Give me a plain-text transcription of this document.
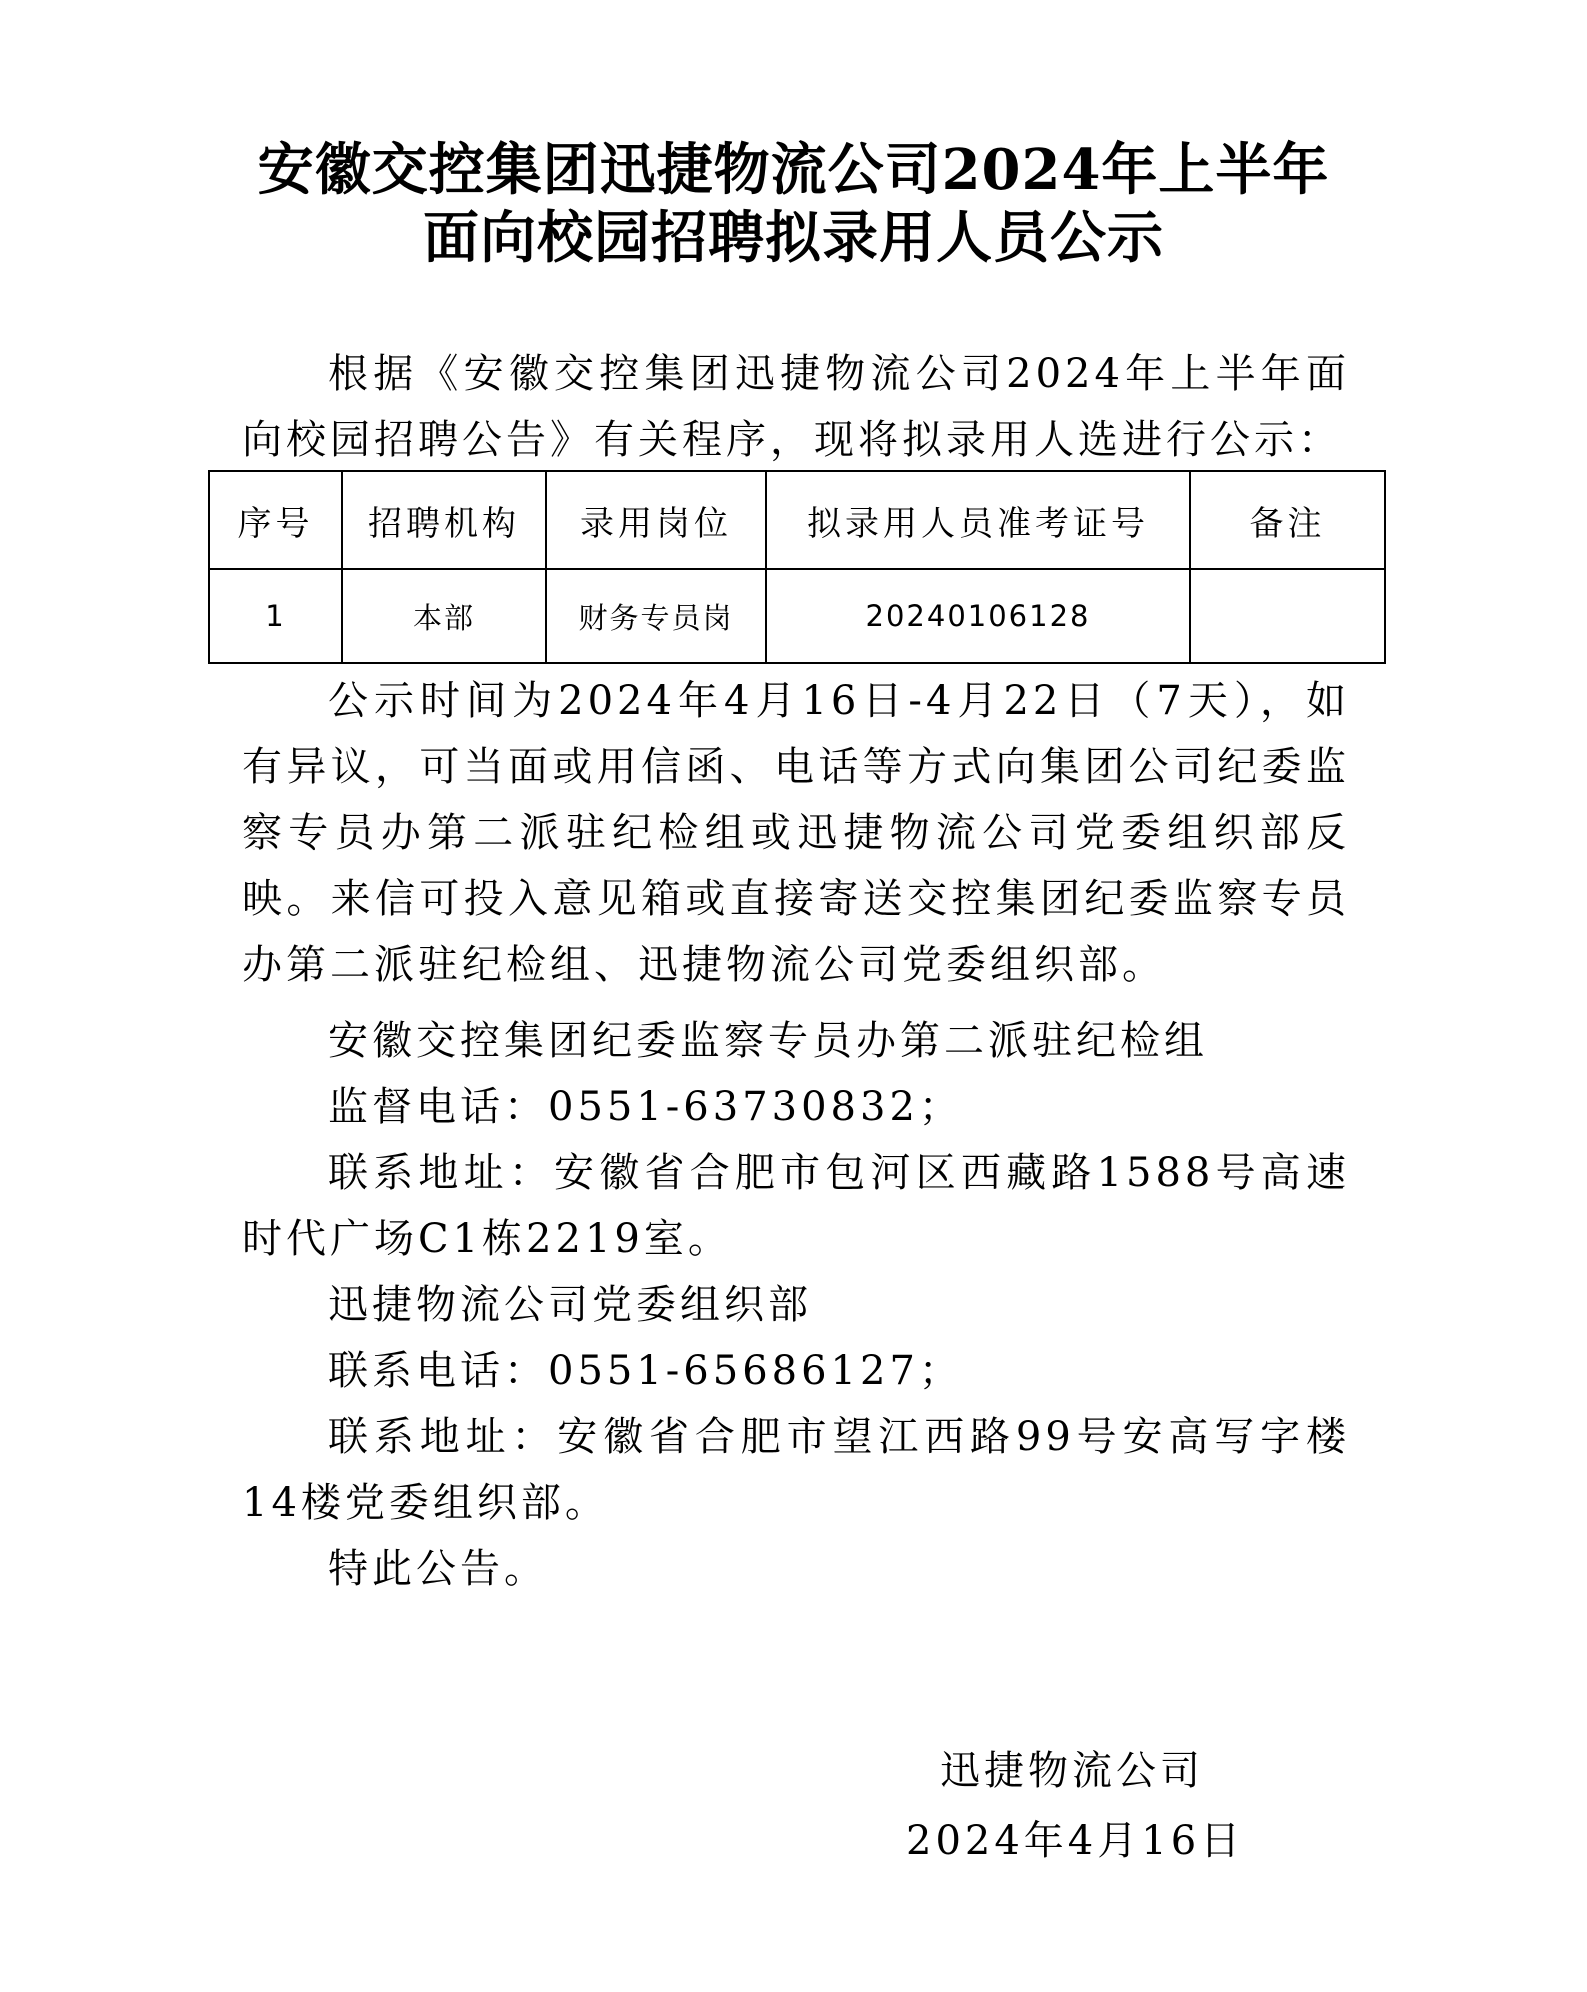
安徽交控集团迅捷物流公司2024年上半年
面向校园招聘拟录用人员公示

根据《安徽交控集团迅捷物流公司2024年上半年面向校园招聘公告》有关程序，现将拟录用人选进行公示：

序号	招聘机构	录用岗位	拟录用人员准考证号	备注
1	本部	财务专员岗	20240106128	

公示时间为2024年4月16日-4月22日（7天），如有异议，可当面或用信函、电话等方式向集团公司纪委监察专员办第二派驻纪检组或迅捷物流公司党委组织部反映。来信可投入意见箱或直接寄送交控集团纪委监察专员办第二派驻纪检组、迅捷物流公司党委组织部。

安徽交控集团纪委监察专员办第二派驻纪检组
监督电话：0551-63730832；

联系地址：安徽省合肥市包河区西藏路1588号高速时代广场C1栋2219室。

迅捷物流公司党委组织部
联系电话：0551-65686127；

联系地址：安徽省合肥市望江西路99号安高写字楼14楼党委组织部。

特此公告。
迅捷物流公司
2024年4月16日
